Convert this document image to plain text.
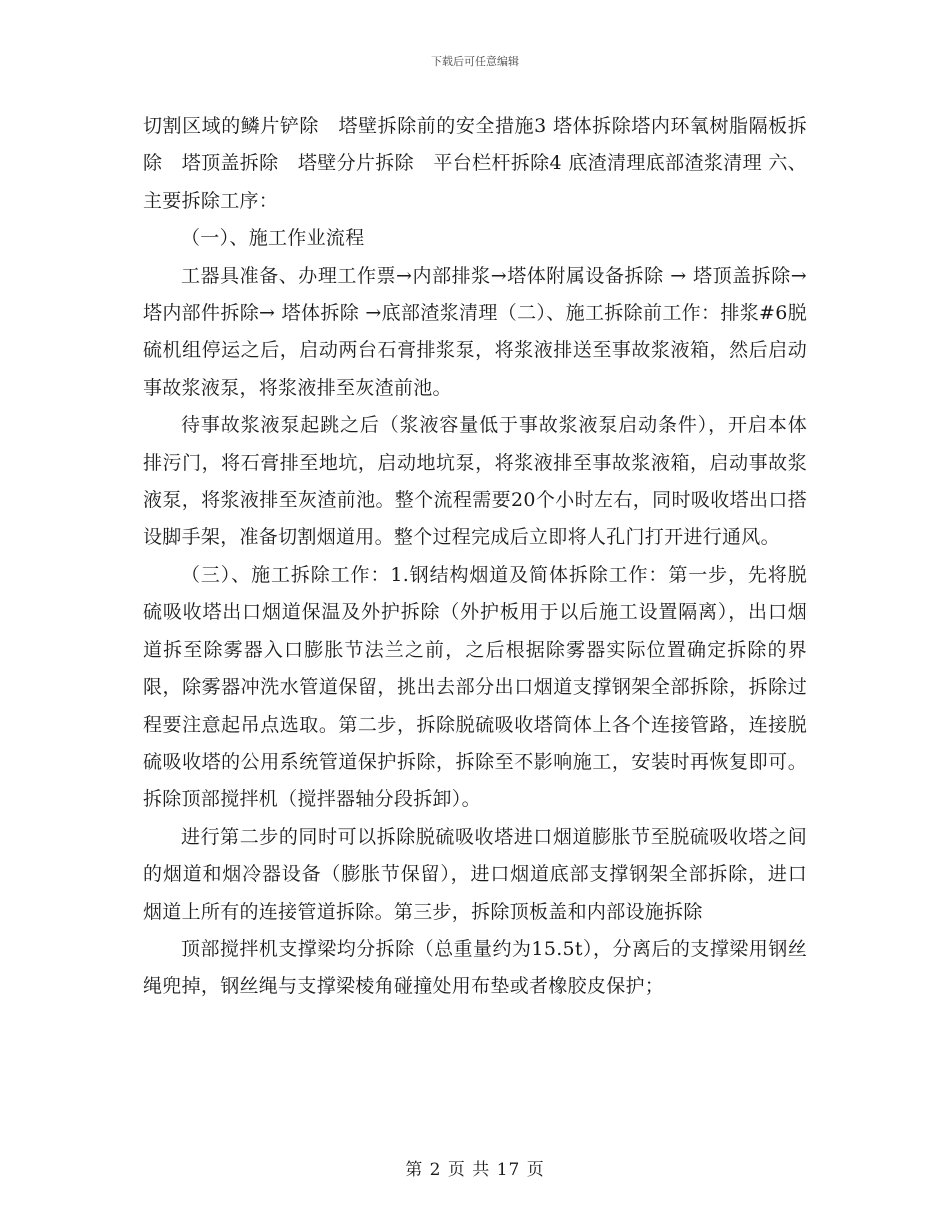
下载后可任意编辑

切割区域的鳞片铲除　塔壁拆除前的安全措施3 塔体拆除塔内环氧树脂隔板拆除　塔顶盖拆除　塔壁分片拆除　平台栏杆拆除4 底渣清理底部渣浆清理 六、主要拆除工序：

（一）、施工作业流程

工器具准备、办理工作票→内部排浆→塔体附属设备拆除 → 塔顶盖拆除→塔内部件拆除→ 塔体拆除 →底部渣浆清理（二）、施工拆除前工作：排浆#6脱硫机组停运之后，启动两台石膏排浆泵，将浆液排送至事故浆液箱，然后启动事故浆液泵，将浆液排至灰渣前池。

待事故浆液泵起跳之后（浆液容量低于事故浆液泵启动条件），开启本体排污门，将石膏排至地坑，启动地坑泵，将浆液排至事故浆液箱，启动事故浆液泵，将浆液排至灰渣前池。整个流程需要20个小时左右，同时吸收塔出口搭设脚手架，准备切割烟道用。整个过程完成后立即将人孔门打开进行通风。

（三）、施工拆除工作：1.钢结构烟道及简体拆除工作：第一步，先将脱硫吸收塔出口烟道保温及外护拆除（外护板用于以后施工设置隔离），出口烟道拆至除雾器入口膨胀节法兰之前，之后根据除雾器实际位置确定拆除的界限，除雾器冲洗水管道保留，挑出去部分出口烟道支撑钢架全部拆除，拆除过程要注意起吊点选取。第二步，拆除脱硫吸收塔筒体上各个连接管路，连接脱硫吸收塔的公用系统管道保护拆除，拆除至不影响施工，安装时再恢复即可。拆除顶部搅拌机（搅拌器轴分段拆卸）。

进行第二步的同时可以拆除脱硫吸收塔进口烟道膨胀节至脱硫吸收塔之间的烟道和烟冷器设备（膨胀节保留），进口烟道底部支撑钢架全部拆除，进口烟道上所有的连接管道拆除。第三步，拆除顶板盖和内部设施拆除

顶部搅拌机支撑梁均分拆除（总重量约为15.5t），分离后的支撑梁用钢丝绳兜掉，钢丝绳与支撑梁棱角碰撞处用布垫或者橡胶皮保护；

第 2 页 共 17 页
